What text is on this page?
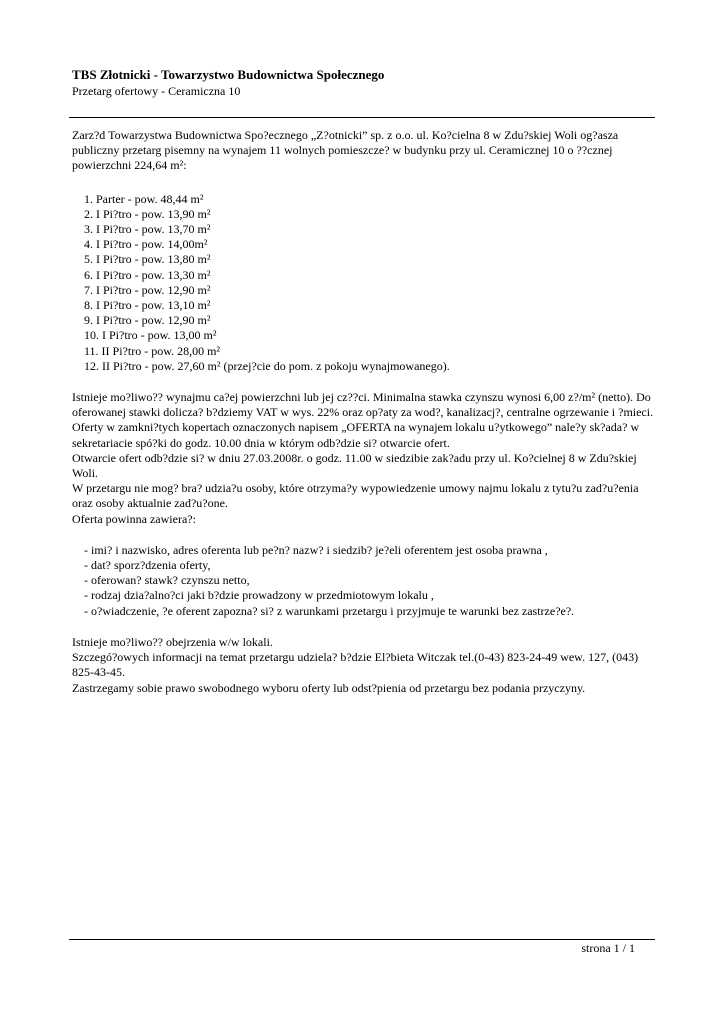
TBS Złotnicki - Towarzystwo Budownictwa Społecznego
Przetarg ofertowy - Ceramiczna 10

Zarz?d Towarzystwa Budownictwa Spo?ecznego „Z?otnicki” sp. z o.o. ul. Ko?cielna 8 w Zdu?skiej Woli og?asza publiczny przetarg pisemny na wynajem 11 wolnych pomieszcze? w budynku przy ul. Ceramicznej 10 o ??cznej powierzchni 224,64 m²:

1. Parter - pow. 48,44 m²
2. I Pi?tro - pow. 13,90 m²
3. I Pi?tro - pow. 13,70 m²
4. I Pi?tro - pow. 14,00m²
5. I Pi?tro - pow. 13,80 m²
6. I Pi?tro - pow. 13,30 m²
7. I Pi?tro - pow. 12,90 m²
8. I Pi?tro - pow. 13,10 m²
9. I Pi?tro - pow. 12,90 m²
10. I Pi?tro - pow. 13,00 m²
11. II Pi?tro - pow. 28,00 m²
12. II Pi?tro - pow. 27,60 m² (przej?cie do pom. z pokoju wynajmowanego).

Istnieje mo?liwo?? wynajmu ca?ej powierzchni lub jej cz??ci. Minimalna stawka czynszu wynosi 6,00 z?/m² (netto). Do oferowanej stawki dolicza? b?dziemy VAT w wys. 22% oraz op?aty za wod?, kanalizacj?, centralne ogrzewanie i ?mieci.

Oferty w zamkni?tych kopertach oznaczonych napisem „OFERTA na wynajem lokalu u?ytkowego” nale?y sk?ada? w sekretariacie spó?ki do godz. 10.00 dnia w którym odb?dzie si? otwarcie ofert.

Otwarcie ofert odb?dzie si? w dniu 27.03.2008r. o godz. 11.00 w siedzibie zak?adu przy ul. Ko?cielnej 8 w Zdu?skiej Woli.

W przetargu nie mog? bra? udzia?u osoby, które otrzyma?y wypowiedzenie umowy najmu lokalu z tytu?u zad?u?enia oraz osoby aktualnie zad?u?one.

Oferta powinna zawiera?:

- imi? i nazwisko, adres oferenta lub pe?n? nazw? i siedzib? je?eli oferentem jest osoba prawna ,
- dat? sporz?dzenia oferty,
- oferowan? stawk? czynszu netto,
- rodzaj dzia?alno?ci jaki b?dzie prowadzony w przedmiotowym lokalu ,
- o?wiadczenie, ?e oferent zapozna? si? z warunkami przetargu i przyjmuje te warunki bez zastrze?e?.

Istnieje mo?liwo?? obejrzenia w/w lokali.

Szczegó?owych informacji na temat przetargu udziela? b?dzie El?bieta Witczak tel.(0-43) 823-24-49 wew. 127, (043) 825-43-45.

Zastrzegamy sobie prawo swobodnego wyboru oferty lub odst?pienia od przetargu bez podania przyczyny.

strona 1 / 1
